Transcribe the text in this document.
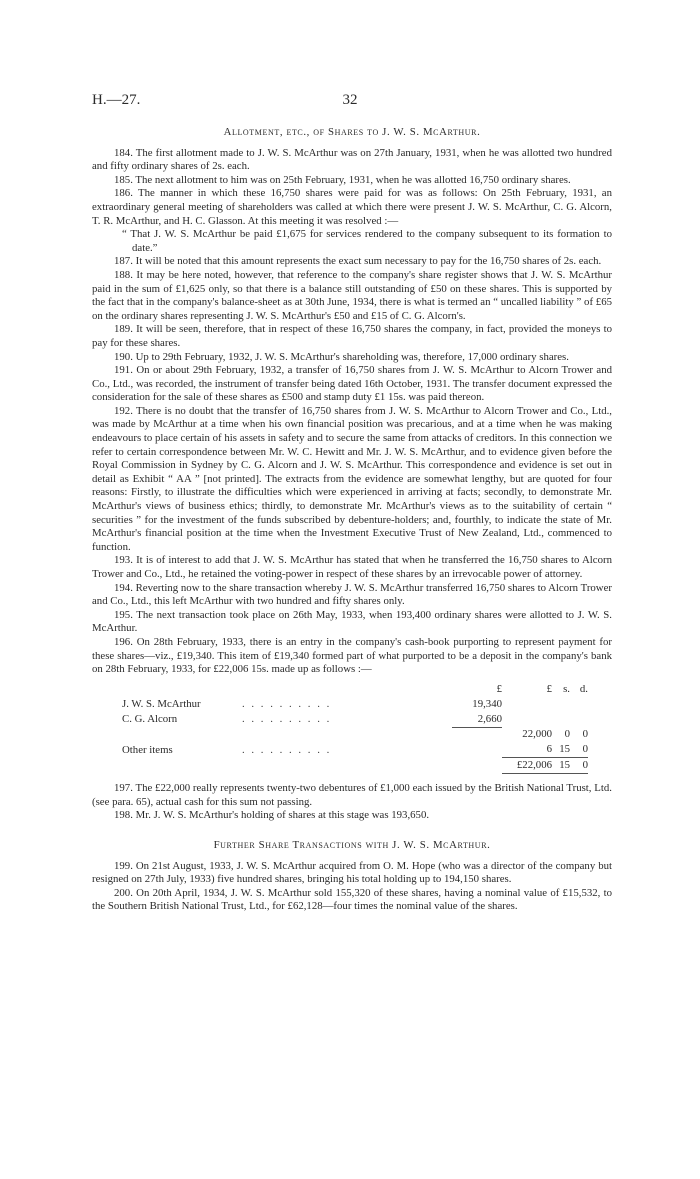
H.—27.	32
Allotment, etc., of Shares to J. W. S. McArthur.

184. The first allotment made to J. W. S. McArthur was on 27th January, 1931, when he was allotted two hundred and fifty ordinary shares of 2s. each.

185. The next allotment to him was on 25th February, 1931, when he was allotted 16,750 ordinary shares.

186. The manner in which these 16,750 shares were paid for was as follows: On 25th February, 1931, an extraordinary general meeting of shareholders was called at which there were present J. W. S. McArthur, C. G. Alcorn, T. R. McArthur, and H. C. Glasson. At this meeting it was resolved :—

“ That J. W. S. McArthur be paid £1,675 for services rendered to the company subsequent to its formation to date.”

187. It will be noted that this amount represents the exact sum necessary to pay for the 16,750 shares of 2s. each.

188. It may be here noted, however, that reference to the company's share register shows that J. W. S. McArthur paid in the sum of £1,625 only, so that there is a balance still outstanding of £50 on these shares. This is supported by the fact that in the company's balance-sheet as at 30th June, 1934, there is what is termed an “ uncalled liability ” of £65 on the ordinary shares representing J. W. S. McArthur's £50 and £15 of C. G. Alcorn's.

189. It will be seen, therefore, that in respect of these 16,750 shares the company, in fact, provided the moneys to pay for these shares.

190. Up to 29th February, 1932, J. W. S. McArthur's shareholding was, therefore, 17,000 ordinary shares.

191. On or about 29th February, 1932, a transfer of 16,750 shares from J. W. S. McArthur to Alcorn Trower and Co., Ltd., was recorded, the instrument of transfer being dated 16th October, 1931. The transfer document expressed the consideration for the sale of these shares as £500 and stamp duty £1 15s. was paid thereon.

192. There is no doubt that the transfer of 16,750 shares from J. W. S. McArthur to Alcorn Trower and Co., Ltd., was made by McArthur at a time when his own financial position was precarious, and at a time when he was making endeavours to place certain of his assets in safety and to secure the same from attacks of creditors. In this connection we refer to certain correspondence between Mr. W. C. Hewitt and Mr. J. W. S. McArthur, and to evidence given before the Royal Commission in Sydney by C. G. Alcorn and J. W. S. McArthur. This correspondence and evidence is set out in detail as Exhibit “ AA ” [not printed]. The extracts from the evidence are somewhat lengthy, but are quoted for four reasons: Firstly, to illustrate the difficulties which were experienced in arriving at facts; secondly, to demonstrate Mr. McArthur's views of business ethics; thirdly, to demonstrate Mr. McArthur's views as to the suitability of certain “ securities ” for the investment of the funds subscribed by debenture-holders; and, fourthly, to indicate the state of Mr. McArthur's financial position at the time when the Investment Executive Trust of New Zealand, Ltd., commenced to function.

193. It is of interest to add that J. W. S. McArthur has stated that when he transferred the 16,750 shares to Alcorn Trower and Co., Ltd., he retained the voting-power in respect of these shares by an irrevocable power of attorney.

194. Reverting now to the share transaction whereby J. W. S. McArthur transferred 16,750 shares to Alcorn Trower and Co., Ltd., this left McArthur with two hundred and fifty shares only.

195. The next transaction took place on 26th May, 1933, when 193,400 ordinary shares were allotted to J. W. S. McArthur.

196. On 28th February, 1933, there is an entry in the company's cash-book purporting to represent payment for these shares—viz., £19,340. This item of £19,340 formed part of what purported to be a deposit in the company's bank on 28th February, 1933, for £22,006 15s. made up as follows :—

		£	£	s.	d.
J. W. S. McArthur	. . . . . . . . . .	19,340			
C. G. Alcorn	. . . . . . . . . .	2,660			
			22,000	0	0
Other items	. . . . . . . . . .		6	15	0
			£22,006	15	0

197. The £22,000 really represents twenty-two debentures of £1,000 each issued by the British National Trust, Ltd. (see para. 65), actual cash for this sum not passing.

198. Mr. J. W. S. McArthur's holding of shares at this stage was 193,650.

Further Share Transactions with J. W. S. McArthur.

199. On 21st August, 1933, J. W. S. McArthur acquired from O. M. Hope (who was a director of the company but resigned on 27th July, 1933) five hundred shares, bringing his total holding up to 194,150 shares.

200. On 20th April, 1934, J. W. S. McArthur sold 155,320 of these shares, having a nominal value of £15,532, to the Southern British National Trust, Ltd., for £62,128—four times the nominal value of the shares.
